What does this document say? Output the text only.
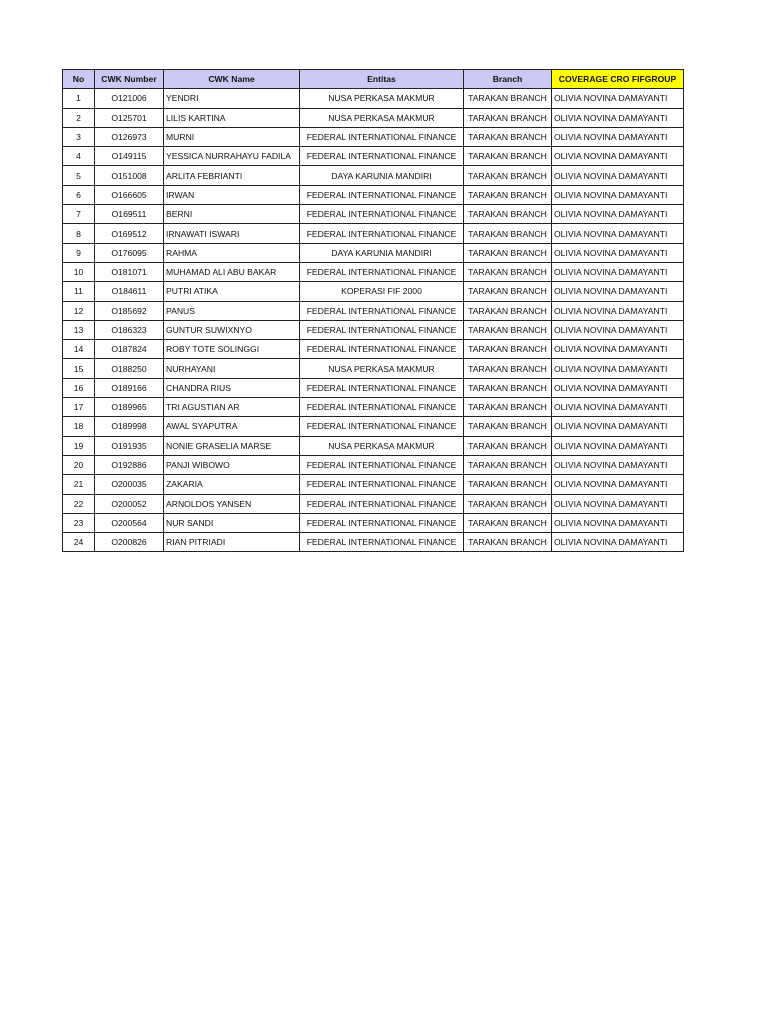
No	CWK Number	CWK Name	Entitas	Branch	COVERAGE CRO FIFGROUP
1	O121006	YENDRI	NUSA PERKASA MAKMUR	TARAKAN BRANCH	OLIVIA NOVINA DAMAYANTI
2	O125701	LILIS KARTINA	NUSA PERKASA MAKMUR	TARAKAN BRANCH	OLIVIA NOVINA DAMAYANTI
3	O126973	MURNI	FEDERAL INTERNATIONAL FINANCE	TARAKAN BRANCH	OLIVIA NOVINA DAMAYANTI
4	O149115	YESSICA NURRAHAYU FADILA	FEDERAL INTERNATIONAL FINANCE	TARAKAN BRANCH	OLIVIA NOVINA DAMAYANTI
5	O151008	ARLITA FEBRIANTI	DAYA KARUNIA MANDIRI	TARAKAN BRANCH	OLIVIA NOVINA DAMAYANTI
6	O166605	IRWAN	FEDERAL INTERNATIONAL FINANCE	TARAKAN BRANCH	OLIVIA NOVINA DAMAYANTI
7	O169511	BERNI	FEDERAL INTERNATIONAL FINANCE	TARAKAN BRANCH	OLIVIA NOVINA DAMAYANTI
8	O169512	IRNAWATI ISWARI	FEDERAL INTERNATIONAL FINANCE	TARAKAN BRANCH	OLIVIA NOVINA DAMAYANTI
9	O176095	RAHMA	DAYA KARUNIA MANDIRI	TARAKAN BRANCH	OLIVIA NOVINA DAMAYANTI
10	O181071	MUHAMAD ALI ABU BAKAR	FEDERAL INTERNATIONAL FINANCE	TARAKAN BRANCH	OLIVIA NOVINA DAMAYANTI
11	O184611	PUTRI ATIKA	KOPERASI FIF 2000	TARAKAN BRANCH	OLIVIA NOVINA DAMAYANTI
12	O185692	PANUS	FEDERAL INTERNATIONAL FINANCE	TARAKAN BRANCH	OLIVIA NOVINA DAMAYANTI
13	O186323	GUNTUR SUWIXNYO	FEDERAL INTERNATIONAL FINANCE	TARAKAN BRANCH	OLIVIA NOVINA DAMAYANTI
14	O187824	ROBY TOTE SOLINGGI	FEDERAL INTERNATIONAL FINANCE	TARAKAN BRANCH	OLIVIA NOVINA DAMAYANTI
15	O188250	NURHAYANI	NUSA PERKASA MAKMUR	TARAKAN BRANCH	OLIVIA NOVINA DAMAYANTI
16	O189166	CHANDRA RIUS	FEDERAL INTERNATIONAL FINANCE	TARAKAN BRANCH	OLIVIA NOVINA DAMAYANTI
17	O189965	TRI AGUSTIAN AR	FEDERAL INTERNATIONAL FINANCE	TARAKAN BRANCH	OLIVIA NOVINA DAMAYANTI
18	O189998	AWAL SYAPUTRA	FEDERAL INTERNATIONAL FINANCE	TARAKAN BRANCH	OLIVIA NOVINA DAMAYANTI
19	O191935	NONIE GRASELIA MARSE	NUSA PERKASA MAKMUR	TARAKAN BRANCH	OLIVIA NOVINA DAMAYANTI
20	O192886	PANJI WIBOWO	FEDERAL INTERNATIONAL FINANCE	TARAKAN BRANCH	OLIVIA NOVINA DAMAYANTI
21	O200035	ZAKARIA	FEDERAL INTERNATIONAL FINANCE	TARAKAN BRANCH	OLIVIA NOVINA DAMAYANTI
22	O200052	ARNOLDOS YANSEN	FEDERAL INTERNATIONAL FINANCE	TARAKAN BRANCH	OLIVIA NOVINA DAMAYANTI
23	O200564	NUR SANDI	FEDERAL INTERNATIONAL FINANCE	TARAKAN BRANCH	OLIVIA NOVINA DAMAYANTI
24	O200826	RIAN PITRIADI	FEDERAL INTERNATIONAL FINANCE	TARAKAN BRANCH	OLIVIA NOVINA DAMAYANTI
